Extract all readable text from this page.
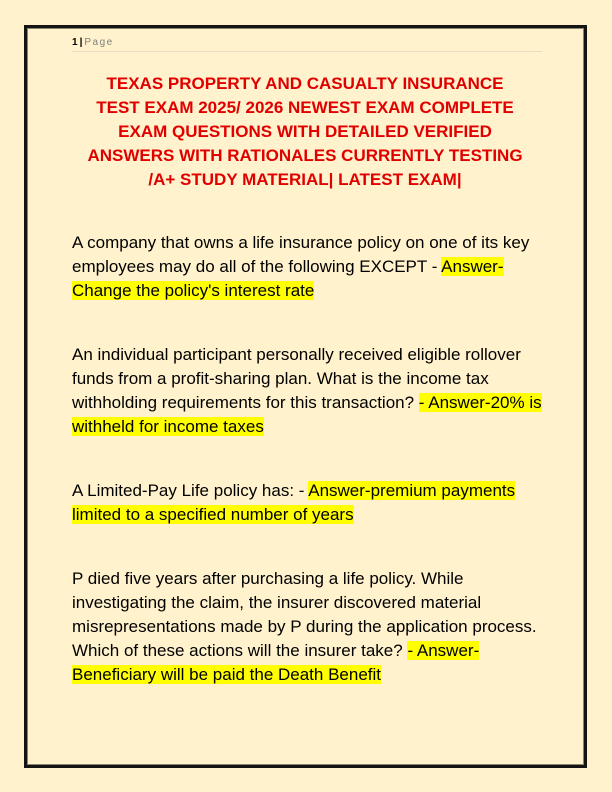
1 | Page
TEXAS PROPERTY AND CASUALTY INSURANCE
TEST EXAM 2025/ 2026 NEWEST EXAM COMPLETE
EXAM QUESTIONS WITH DETAILED VERIFIED
ANSWERS WITH RATIONALES CURRENTLY TESTING
/A+ STUDY MATERIAL| LATEST EXAM|
A company that owns a life insurance policy on one of its key employees may do all of the following EXCEPT - Answer-Change the policy's interest rate
An individual participant personally received eligible rollover funds from a profit-sharing plan. What is the income tax withholding requirements for this transaction? - Answer-20% is withheld for income taxes
A Limited-Pay Life policy has: - Answer-premium payments limited to a specified number of years
P died five years after purchasing a life policy. While investigating the claim, the insurer discovered material misrepresentations made by P during the application process. Which of these actions will the insurer take? - Answer-Beneficiary will be paid the Death Benefit
